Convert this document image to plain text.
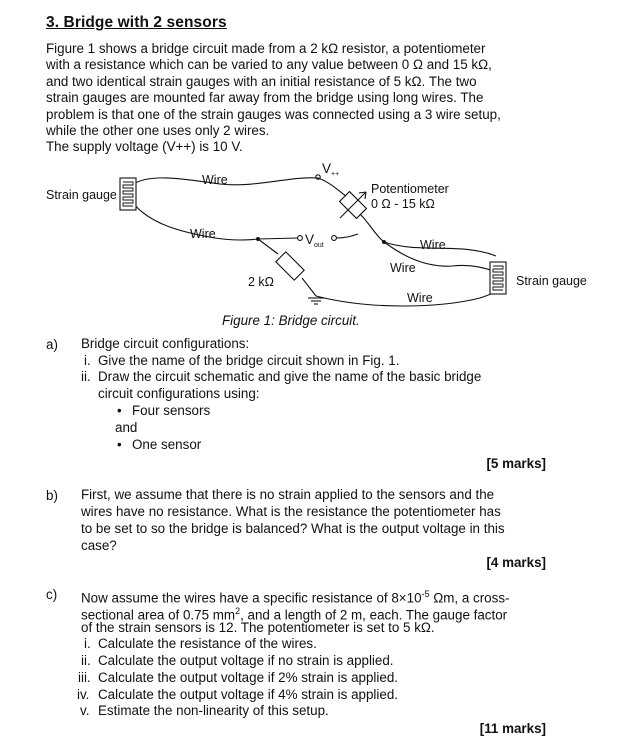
3. Bridge with 2 sensors

Figure 1 shows a bridge circuit made from a 2 kΩ resistor, a potentiometer

with a resistance which can be varied to any value between 0 Ω and 15 kΩ,

and two identical strain gauges with an initial resistance of 5 kΩ. The two

strain gauges are mounted far away from the bridge using long wires. The

problem is that one of the strain gauges was connected using a 3 wire setup,

while the other one uses only 2 wires.

The supply voltage (V++) is 10 V.

Strain gauge
Wire
$V_{++}$
Potentiometer
0 Ω - 15 kΩ
Wire	$V_{out}$	Wire
Wire
2 kΩ	Strain gauge
Wire
Figure 1: Bridge circuit.
a) Bridge circuit configurations:
i. Give the name of the bridge circuit shown in Fig. 1.
ii. Draw the circuit schematic and give the name of the basic bridge
circuit configurations using:
• Four sensors
and
• One sensor
[5 marks]
b) First, we assume that there is no strain applied to the sensors and the
wires have no resistance. What is the resistance the potentiometer has
to be set to so the bridge is balanced? What is the output voltage in this
case?
[4 marks]
c) Now assume the wires have a specific resistance of $8\times 10^{-5}$ Ωm, a cross-
sectional area of 0.75 $mm^2$, and a length of 2 m, each. The gauge factor
of the strain sensors is 12. The potentiometer is set to 5 kΩ.
i. Calculate the resistance of the wires.
ii. Calculate the output voltage if no strain is applied.
iii. Calculate the output voltage if 2% strain is applied.
iv. Calculate the output voltage if 4% strain is applied.
v. Estimate the non-linearity of this setup.
[11 marks]
